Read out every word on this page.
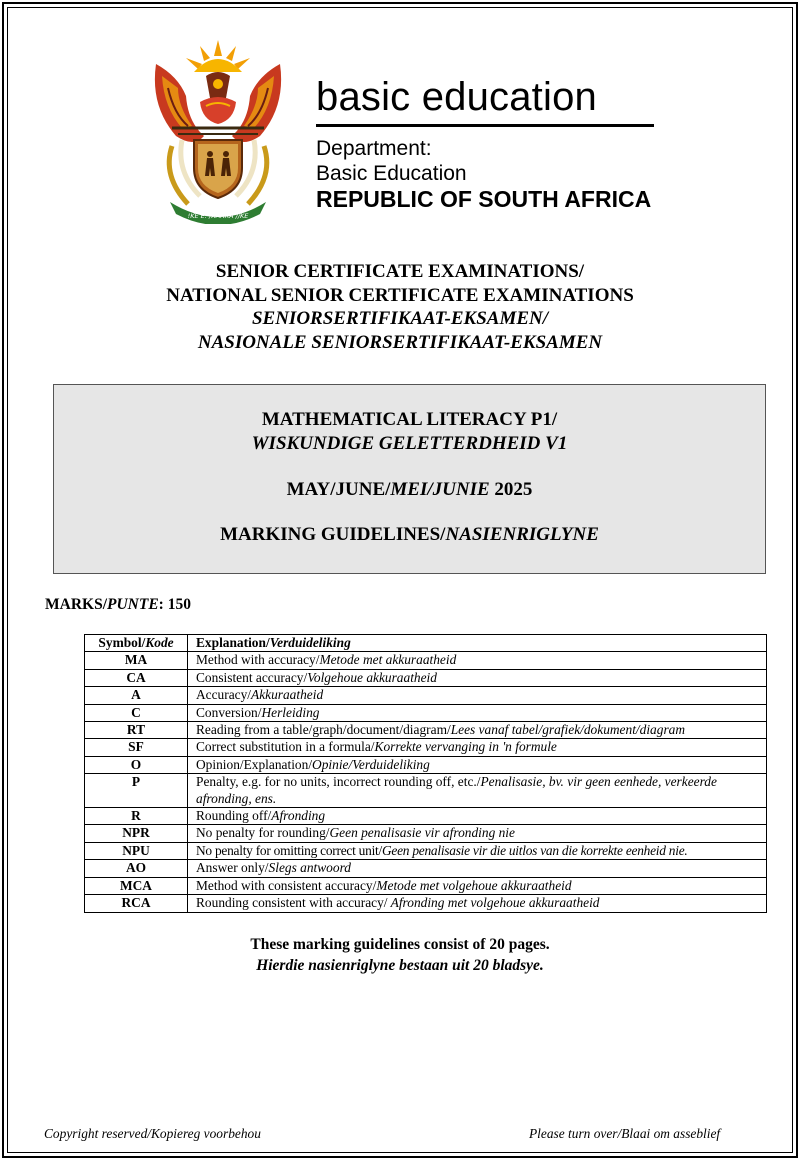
!KE E: /XARRA //KE
basic education
Department:
Basic Education
REPUBLIC OF SOUTH AFRICA
SENIOR CERTIFICATE EXAMINATIONS/
NATIONAL SENIOR CERTIFICATE EXAMINATIONS
SENIORSERTIFIKAAT-EKSAMEN/
NASIONALE SENIORSERTIFIKAAT-EKSAMEN
MATHEMATICAL LITERACY P1/
WISKUNDIGE GELETTERDHEID V1
MAY/JUNE/MEI/JUNIE 2025
MARKING GUIDELINES/NASIENRIGLYNE
MARKS/PUNTE: 150
Symbol/Kode	Explanation/Verduideliking
MA	Method with accuracy/Metode met akkuraatheid
CA	Consistent accuracy/Volgehoue akkuraatheid
A	Accuracy/Akkuraatheid
C	Conversion/Herleiding
RT	Reading from a table/graph/document/diagram/Lees vanaf tabel/grafiek/dokument/diagram
SF	Correct substitution in a formula/Korrekte vervanging in 'n formule
O	Opinion/Explanation/Opinie/Verduideliking
P	Penalty, e.g. for no units, incorrect rounding off, etc./Penalisasie, bv. vir geen eenhede, verkeerde afronding, ens.
R	Rounding off/Afronding
NPR	No penalty for rounding/Geen penalisasie vir afronding nie
NPU	No penalty for omitting correct unit/Geen penalisasie vir die uitlos van die korrekte eenheid nie.
AO	Answer only/Slegs antwoord
MCA	Method with consistent accuracy/Metode met volgehoue akkuraatheid
RCA	Rounding consistent with accuracy/ Afronding met volgehoue akkuraatheid
These marking guidelines consist of 20 pages.
Hierdie nasienriglyne bestaan uit 20 bladsye.
Copyright reserved/Kopiereg voorbehou	Please turn over/Blaai om asseblief
